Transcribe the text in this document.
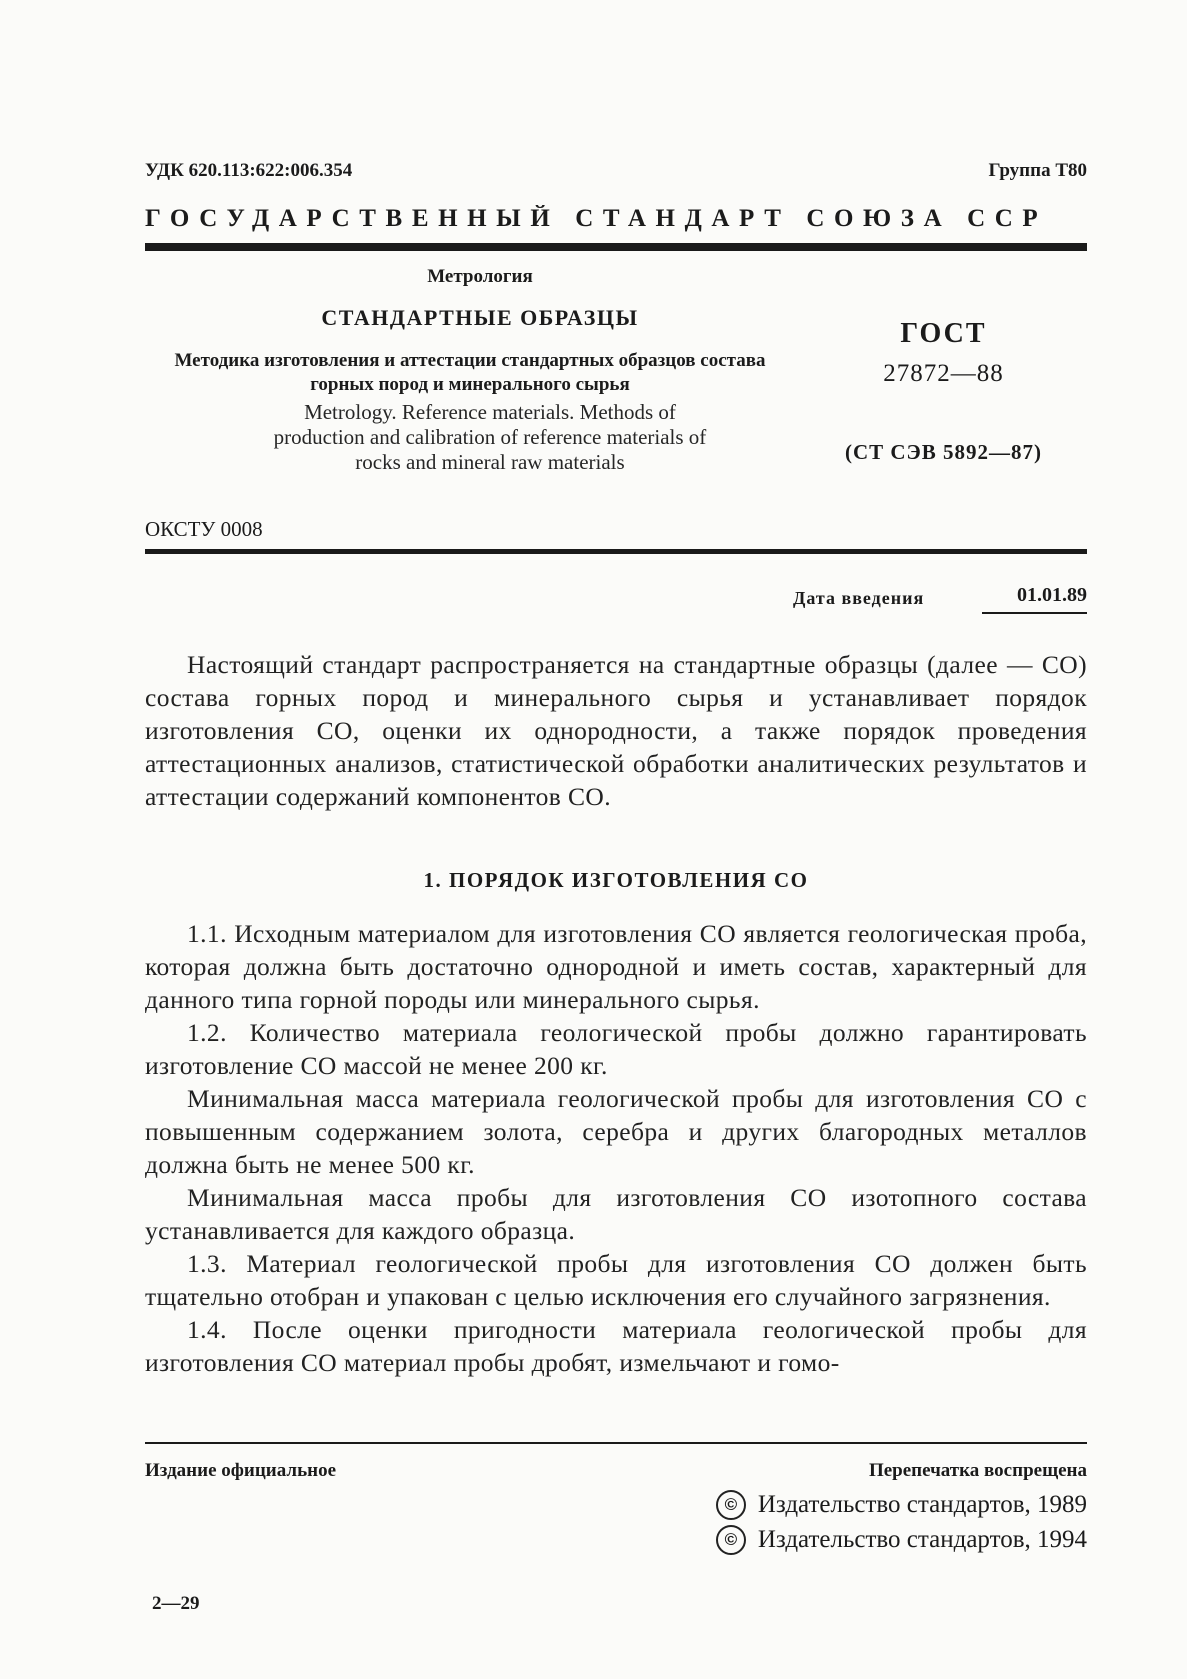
УДК 620.113:622:006.354	Группа Т80
ГОСУДАРСТВЕННЫЙ СТАНДАРТ СОЮЗА ССР
Метрология
СТАНДАРТНЫЕ ОБРАЗЦЫ
Методика изготовления и аттестации стандартных образцов состава горных пород и минерального сырья
Metrology. Reference materials. Methods of production and calibration of reference materials of rocks and mineral raw materials
ГОСТ
27872—88
(СТ СЭВ 5892—87)
ОКСТУ 0008
Дата введения	01.01.89

Настоящий стандарт распространяется на стандартные образцы (далее — СО) состава горных пород и минерального сырья и устанавливает порядок изготовления СО, оценки их однородности, а также порядок проведения аттестационных анализов, статистической обработки аналитических результатов и аттестации содержаний компонентов СО.

1. ПОРЯДОК ИЗГОТОВЛЕНИЯ СО

1.1. Исходным материалом для изготовления СО является геологическая проба, которая должна быть достаточно однородной и иметь состав, характерный для данного типа горной породы или минерального сырья.

1.2. Количество материала геологической пробы должно гарантировать изготовление СО массой не менее 200 кг.

Минимальная масса материала геологической пробы для изготовления СО с повышенным содержанием золота, серебра и других благородных металлов должна быть не менее 500 кг.

Минимальная масса пробы для изготовления СО изотопного состава устанавливается для каждого образца.

1.3. Материал геологической пробы для изготовления СО должен быть тщательно отобран и упакован с целью исключения его случайного загрязнения.

1.4. После оценки пригодности материала геологической пробы для изготовления СО материал пробы дробят, измельчают и гомо-

Издание официальное	Перепечатка воспрещена
© Издательство стандартов, 1989
© Издательство стандартов, 1994
2—29
